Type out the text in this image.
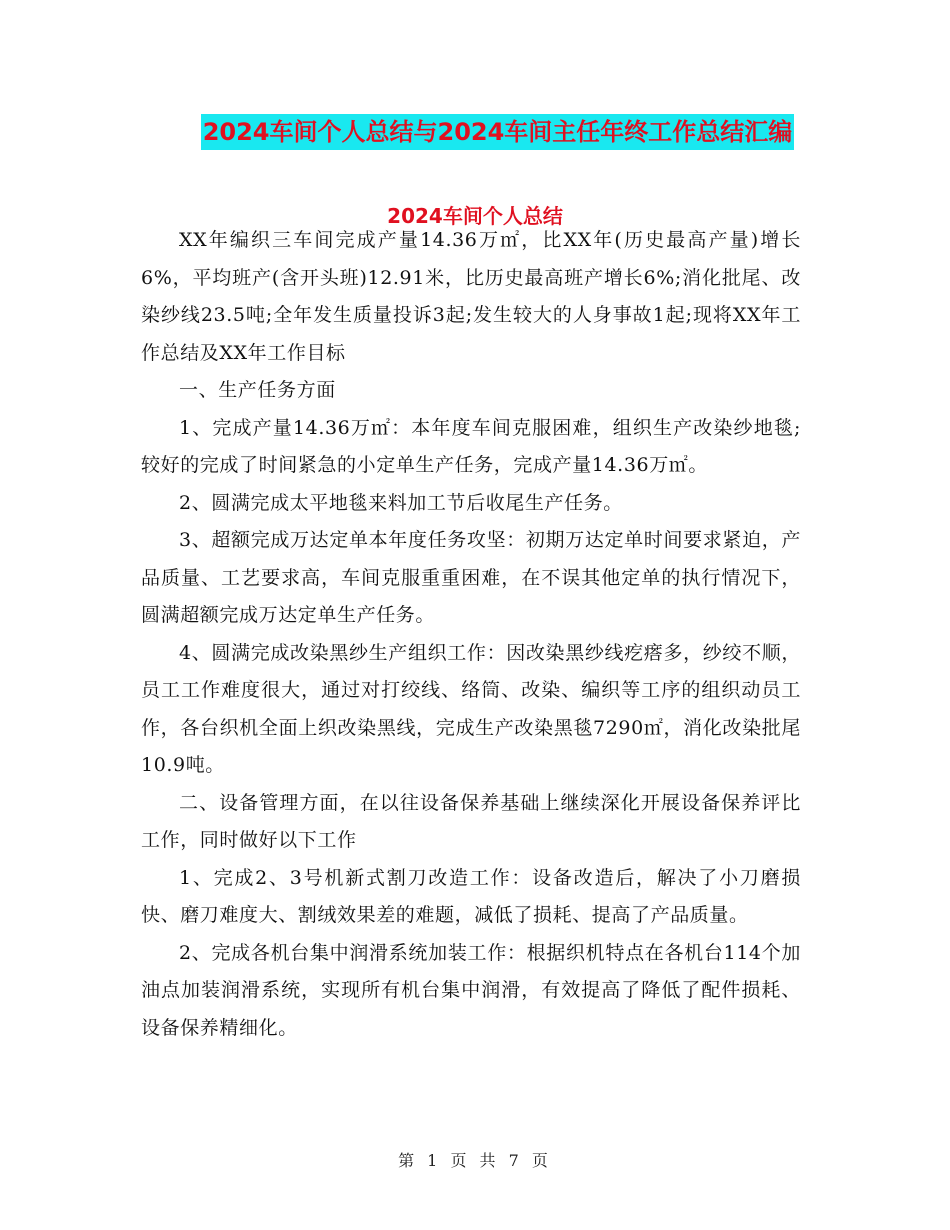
2024车间个人总结与2024车间主任年终工作总结汇编
2024车间个人总结

XX年编织三车间完成产量14.36万㎡，比XX年(历史最高产量)增长6%，平均班产(含开头班)12.91米，比历史最高班产增长6%;消化批尾、改染纱线23.5吨;全年发生质量投诉3起;发生较大的人身事故1起;现将XX年工作总结及XX年工作目标

一、生产任务方面

1、完成产量14.36万㎡：本年度车间克服困难，组织生产改染纱地毯;较好的完成了时间紧急的小定单生产任务，完成产量14.36万㎡。

2、圆满完成太平地毯来料加工节后收尾生产任务。

3、超额完成万达定单本年度任务攻坚：初期万达定单时间要求紧迫，产品质量、工艺要求高，车间克服重重困难，在不误其他定单的执行情况下，圆满超额完成万达定单生产任务。

4、圆满完成改染黑纱生产组织工作：因改染黑纱线疙瘩多，纱绞不顺，员工工作难度很大，通过对打绞线、络筒、改染、编织等工序的组织动员工作，各台织机全面上织改染黑线，完成生产改染黑毯7290㎡，消化改染批尾10.9吨。

二、设备管理方面，在以往设备保养基础上继续深化开展设备保养评比工作，同时做好以下工作

1、完成2、3号机新式割刀改造工作：设备改造后，解决了小刀磨损快、磨刀难度大、割绒效果差的难题，减低了损耗、提高了产品质量。

2、完成各机台集中润滑系统加装工作：根据织机特点在各机台114个加油点加装润滑系统，实现所有机台集中润滑，有效提高了降低了配件损耗、设备保养精细化。

第 1 页 共 7 页
